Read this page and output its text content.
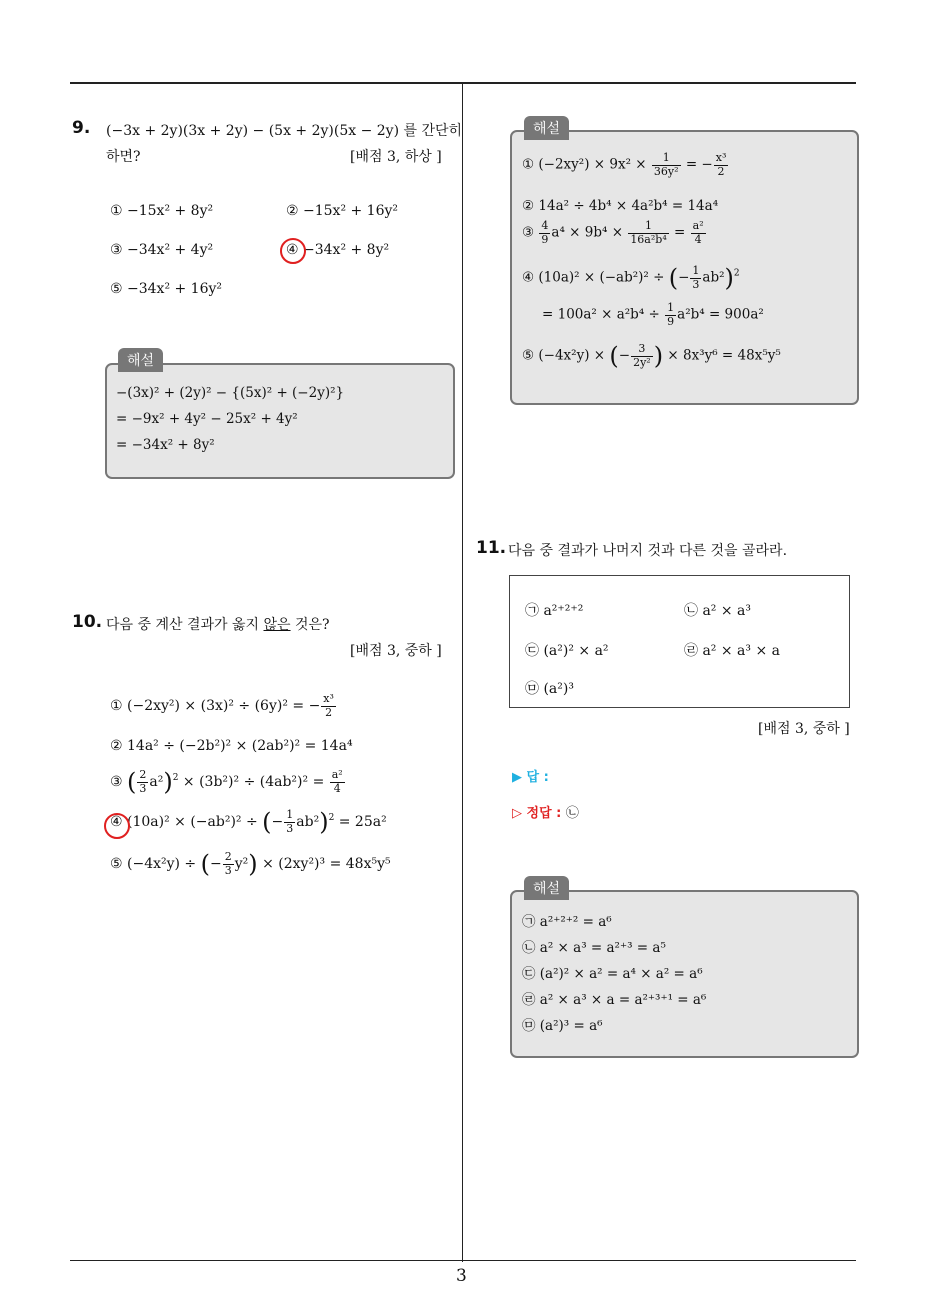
3
9. (−3x + 2y)(3x + 2y) − (5x + 2y)(5x − 2y) 를 간단히
하면?	[배점 3, 하상 ]
① −15x² + 8y²	② −15x² + 16y²
③ −34x² + 4y²	④ −34x² + 8y²
⑤ −34x² + 16y²
해설
−(3x)² + (2y)² − {(5x)² + (−2y)²}
= −9x² + 4y² − 25x² + 4y²
= −34x² + 8y²
10. 다음 중 계산 결과가 옳지 않은 것은?
[배점 3, 중하 ]
① (−2xy²) × (3x)² ÷ (6y)² = − $\frac{\text{x³}}{2}$
② 14a² ÷ (−2b²)² × (2ab²)² = 14a⁴
③ ( $\frac{2}{3} a^2)^2 \times (3b^2)^2 \div (4ab^2)^2 = \frac{\text{a²}}{4}$
④ (10a)² × (−ab²)² ÷ (− $\frac{1}{3} ab^2)^2 = 25a^2$
⑤ (−4x²y) ÷ (− $\frac{2}{3} y^2) \times (2xy^2)^3 = 48x^5y^5$
해설
① $(-2xy^2) \times 9x^2 \times \frac{1}{\text{36y²}}$ = − $\frac{\text{x³}}{2}$
② 14a² ÷ 4b⁴ × 4a²b⁴ = 14a⁴
③ $\frac{4}{9} a^4 \times 9b^4 \times \frac{1}{\text{16a²b⁴}} = \frac{\text{a²}}{4}$
④ (10a)² × (−ab²)² ÷ (− $\frac{1}{3} ab^2)^2$
= $100a^2 \times a^2b^4 \div \frac{1}{9} a^2b^4 = 900a^2$
⑤ (−4x²y) × (− $\frac{3}{\text{2y²}}$ ) × 8x³y⁶ = 48x⁵y⁵
11. 다음 중 결과가 나머지 것과 다른 것을 골라라.
㉠ a²⁺²⁺²	㉡ a² × a³
㉢ (a²)² × a²	㉣ a² × a³ × a
㉤ (a²)³
[배점 3, 중하 ]
▶ 답 :
▷ 정답 : ㉡
해설
㉠ a²⁺²⁺² = a⁶
㉡ a² × a³ = a²⁺³ = a⁵
㉢ (a²)² × a² = a⁴ × a² = a⁶
㉣ a² × a³ × a = a²⁺³⁺¹ = a⁶
㉤ (a²)³ = a⁶
